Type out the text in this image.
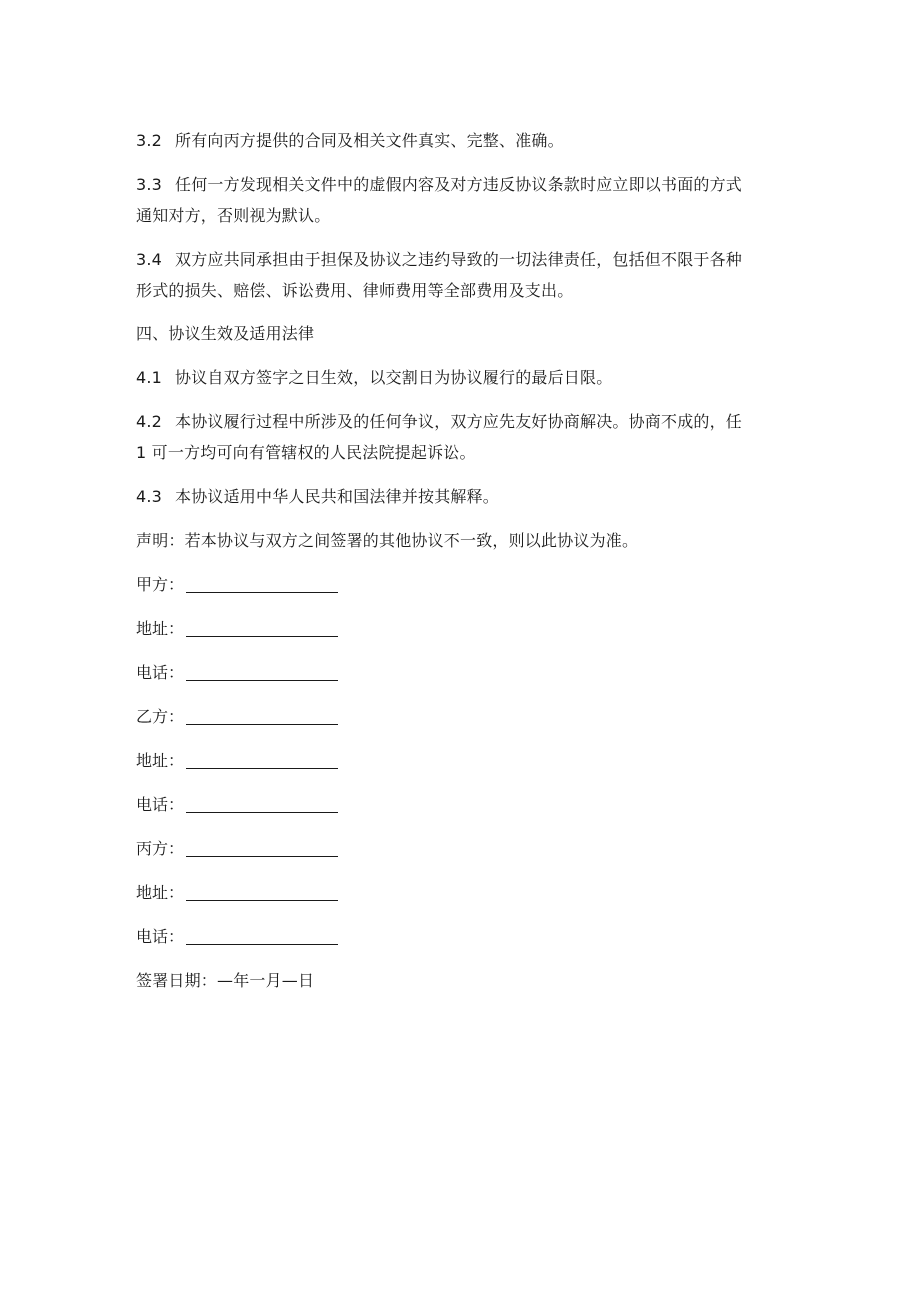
3.2 所有向丙方提供的合同及相关文件真实、完整、准确。
3.3 任何一方发现相关文件中的虚假内容及对方违反协议条款时应立即以书面的方式
通知对方，否则视为默认。
3.4 双方应共同承担由于担保及协议之违约导致的一切法律责任，包括但不限于各种
形式的损失、赔偿、诉讼费用、律师费用等全部费用及支出。
四、协议生效及适用法律
4.1 协议自双方签字之日生效，以交割日为协议履行的最后日限。
4.2 本协议履行过程中所涉及的任何争议，双方应先友好协商解决。协商不成的，任
1 可一方均可向有管辖权的人民法院提起诉讼。
4.3 本协议适用中华人民共和国法律并按其解释。
声明：若本协议与双方之间签署的其他协议不一致，则以此协议为准。
甲方：
地址：
电话：
乙方：
地址：
电话：
丙方：
地址：
电话：
签署日期：—年一月—日
